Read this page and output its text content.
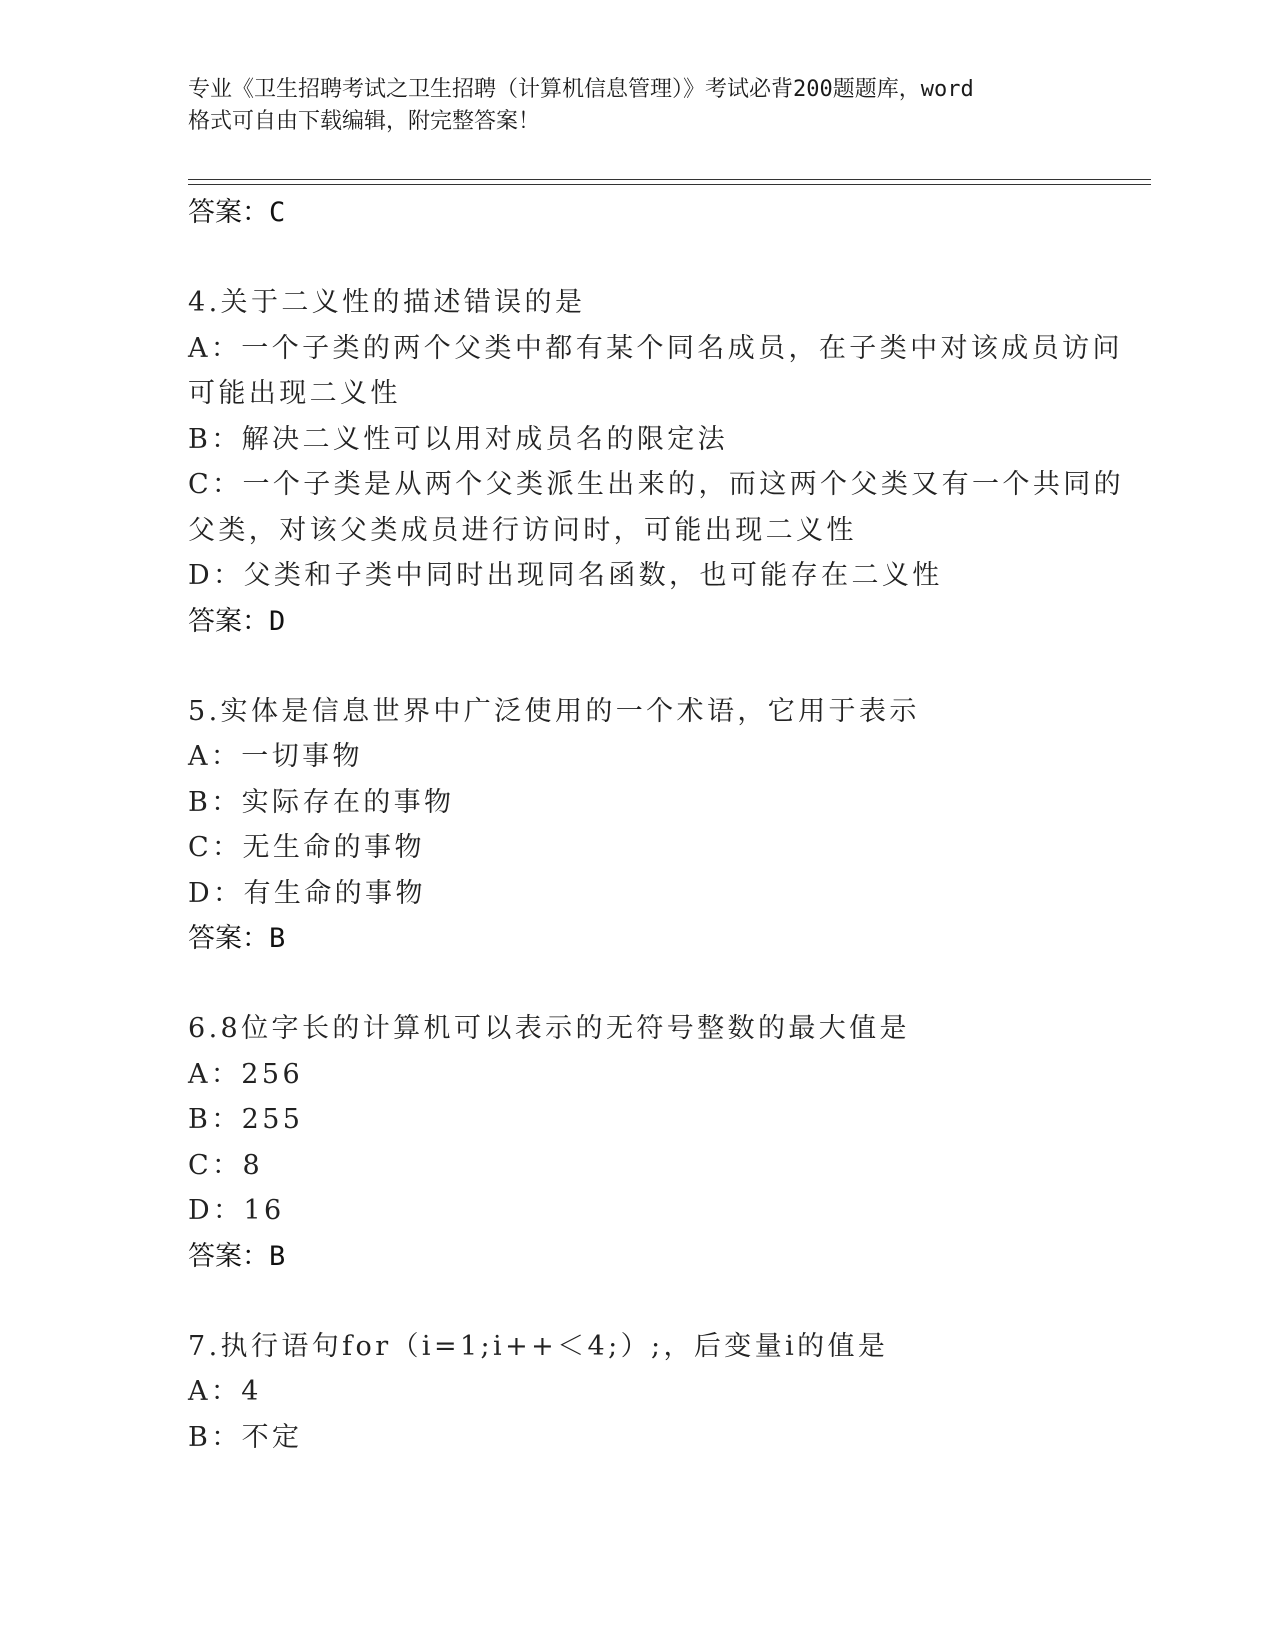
专业《卫生招聘考试之卫生招聘（计算机信息管理）》考试必背200题题库，word
格式可自由下载编辑，附完整答案！
答案：C
4.关于二义性的描述错误的是
A：一个子类的两个父类中都有某个同名成员，在子类中对该成员访问
可能出现二义性
B：解决二义性可以用对成员名的限定法
C：一个子类是从两个父类派生出来的，而这两个父类又有一个共同的
父类，对该父类成员进行访问时，可能出现二义性
D：父类和子类中同时出现同名函数，也可能存在二义性
答案：D
5.实体是信息世界中广泛使用的一个术语，它用于表示
A：一切事物
B：实际存在的事物
C：无生命的事物
D：有生命的事物
答案：B
6.8位字长的计算机可以表示的无符号整数的最大值是
A：256
B：255
C：8
D：16
答案：B
7.执行语句for（i=1;i++＜4;）;，后变量i的值是
A：4
B：不定
